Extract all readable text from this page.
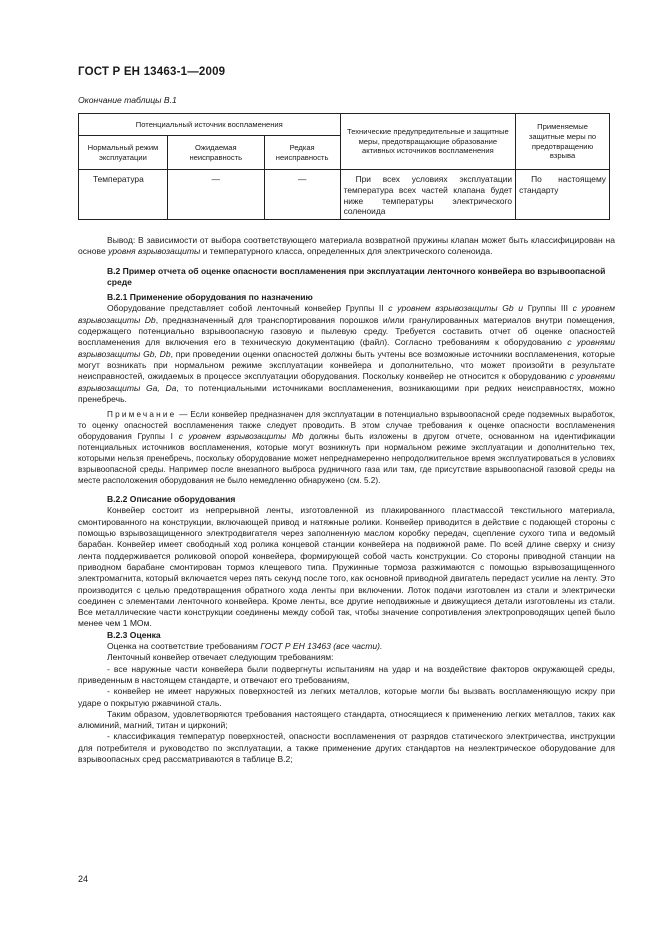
ГОСТ Р ЕН 13463-1—2009
Окончание таблицы В.1
Потенциальный источник воспламенения			Технические предупредительные и защитные меры, предотвращающие образование активных источников воспламенения	Применяемые защитные меры по предотвращению взрыва
Нормальный режим эксплуатации	Ожидаемая неисправность	Редкая неисправность		
Температура	—	—	При всех условиях эксплуатации температура всех частей клапана будет ниже температуры электрического соленоида	По настоящему стандарту

Вывод: В зависимости от выбора соответствующего материала возвратной пружины клапан может быть классифицирован на основе уровня взрывозащиты и температурного класса, определенных для электрического соленоида.

В.2 Пример отчета об оценке опасности воспламенения при эксплуатации ленточного конвейера во взрывоопасной среде
В.2.1 Применение оборудования по назначению

Оборудование представляет собой ленточный конвейер Группы II с уровнем взрывозащиты Gb и Группы III с уровнем взрывозащиты Db, предназначенный для транспортирования порошков и/или гранулированных материалов внутри помещения, содержащего потенциально взрывоопасную газовую и пылевую среду. Требуется составить отчет об оценке опасностей воспламенения для включения его в техническую документацию (файл). Согласно требованиям к оборудованию с уровнями взрывозащиты Gb, Db, при проведении оценки опасностей должны быть учтены все возможные источники воспламенения, которые могут возникать при нормальном режиме эксплуатации конвейера и дополнительно, что может произойти в результате неисправностей, ожидаемых в процессе эксплуатации оборудования. Поскольку конвейер не относится к оборудованию с уровнями взрывозащиты Ga, Da, то потенциальными источниками воспламенения, возникающими при редких неисправностях, можно пренебречь.

Примечание — Если конвейер предназначен для эксплуатации в потенциально взрывоопасной среде подземных выработок, то оценку опасностей воспламенения также следует проводить. В этом случае требования к оценке опасности воспламенения оборудования Группы I с уровнем взрывозащиты Mb должны быть изложены в другом отчете, основанном на идентификации потенциальных источников воспламенения, которые могут возникнуть при нормальном режиме эксплуатации и дополнительно тех, которыми нельзя пренебречь, поскольку оборудование может непреднамеренно непродолжительное время эксплуатироваться в условиях взрывоопасной среды. Например после внезапного выброса рудничного газа или там, где присутствие взрывоопасной газовой среды на месте расположения оборудования не было немедленно обнаружено (см. 5.2).

В.2.2 Описание оборудования

Конвейер состоит из непрерывной ленты, изготовленной из плакированного пластмассой текстильного материала, смонтированного на конструкции, включающей привод и натяжные ролики. Конвейер приводится в действие с подающей стороны с помощью взрывозащищенного электродвигателя через заполненную маслом коробку передач, сцепление сухого типа и ведомый барабан. Конвейер имеет свободный ход ролика концевой станции конвейера на подвижной раме. По всей длине сверху и снизу лента поддерживается роликовой опорой конвейера, формирующей собой часть конструкции. Со стороны приводной станции на приводном барабане смонтирован тормоз клещевого типа. Пружинные тормоза разжимаются с помощью взрывозащищенного электромагнита, который включается через пять секунд после того, как основной приводной двигатель передаст усилие на ленту. Это производится с целью предотвращения обратного хода ленты при включении. Лоток подачи изготовлен из стали и электрически соединен с элементами ленточного конвейера. Кроме ленты, все другие неподвижные и движущиеся детали изготовлены из стали. Все металлические части конструкции соединены между собой так, чтобы значение сопротивления электропроводящих цепей было менее чем 1 МОм.

В.2.3 Оценка

Оценка на соответствие требованиям ГОСТ Р ЕН 13463 (все части).

Ленточный конвейер отвечает следующим требованиям:

- все наружные части конвейера были подвергнуты испытаниям на удар и на воздействие факторов окружающей среды, приведенным в настоящем стандарте, и отвечают его требованиям,

- конвейер не имеет наружных поверхностей из легких металлов, которые могли бы вызвать воспламеняющую искру при ударе о покрытую ржавчиной сталь.

Таким образом, удовлетворяются требования настоящего стандарта, относящиеся к применению легких металлов, таких как алюминий, магний, титан и цирконий;

- классификация температур поверхностей, опасности воспламенения от разрядов статического электричества, инструкции для потребителя и руководство по эксплуатации, а также применение других стандартов на неэлектрическое оборудование для взрывоопасных сред рассматриваются в таблице В.2;

24
